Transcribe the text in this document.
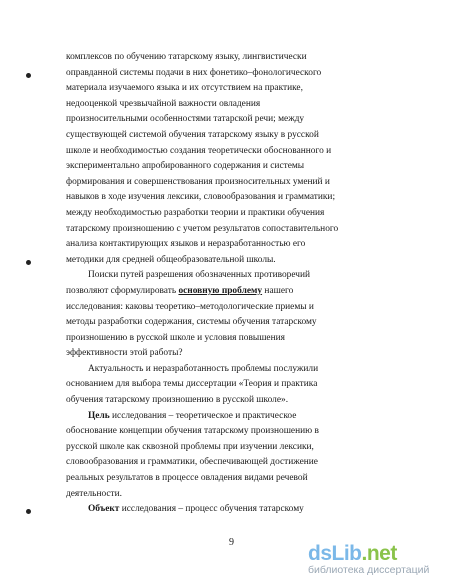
комплексов по обучению татарскому языку, лингвистически
оправданной системы подачи в них фонетико–фонологического
материала изучаемого языка и их отсутствием на практике,
недооценкой чрезвычайной важности овладения
произносительными особенностями татарской речи; между
существующей системой обучения татарскому языку в русской
школе и необходимостью создания теоретически обоснованного и
экспериментально апробированного содержания и системы
формирования и совершенствования произносительных умений и
навыков в ходе изучения лексики, словообразования и грамматики;
между необходимостью разработки теории и практики обучения
татарскому произношению с учетом результатов сопоставительного
анализа контактирующих языков и неразработанностью его
методики для средней общеобразовательной школы.
Поиски путей разрешения обозначенных противоречий
позволяют сформулировать основную проблему нашего
исследования: каковы теоретико–методологические приемы и
методы разработки содержания, системы обучения татарскому
произношению в русской школе и условия повышения
эффективности этой работы?
Актуальность и неразработанность проблемы послужили
основанием для выбора темы диссертации «Теория и практика
обучения татарскому произношению в русской школе».
Цель исследования – теоретическое и практическое
обоснование концепции обучения татарскому произношению в
русской школе как сквозной проблемы при изучении лексики,
словообразования и грамматики, обеспечивающей достижение
реальных результатов в процессе овладения видами речевой
деятельности.
Объект исследования – процесс обучения татарскому
9	dsLib.net
библиотека диссертаций
